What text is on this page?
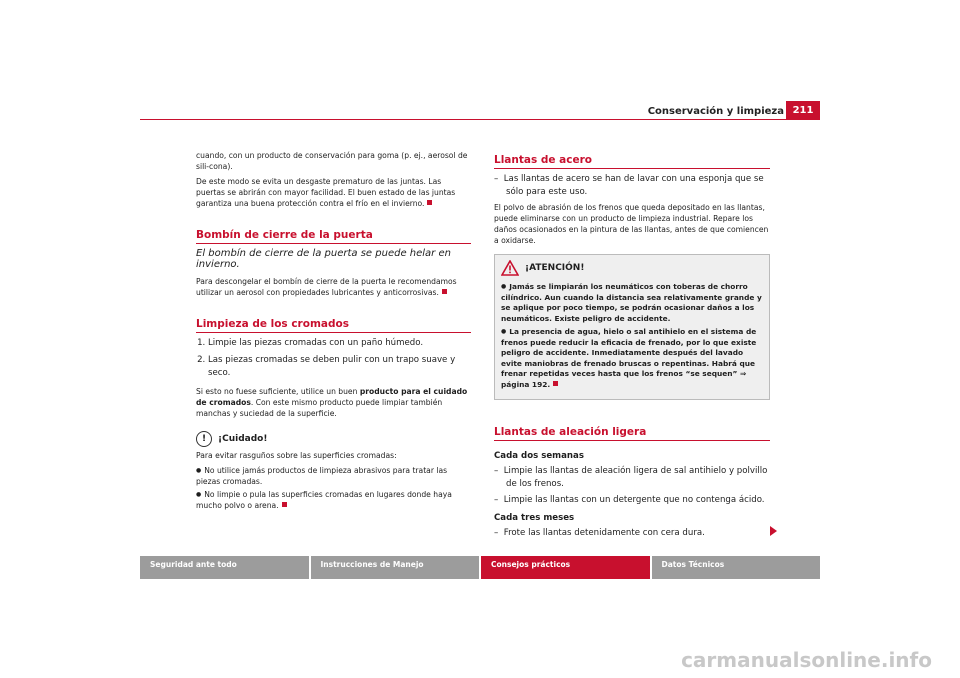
Conservación y limpieza 211

cuando, con un producto de conservación para goma (p. ej., aerosol de sili-cona).

De este modo se evita un desgaste prematuro de las juntas. Las puertas se abrirán con mayor facilidad. El buen estado de las juntas garantiza una buena protección contra el frío en el invierno.

Bombín de cierre de la puerta
El bombín de cierre de la puerta se puede helar en invierno.

Para descongelar el bombín de cierre de la puerta le recomendamos utilizar un aerosol con propiedades lubricantes y anticorrosivas.

Limpieza de los cromados
1. Limpie las piezas cromadas con un paño húmedo.
2. Las piezas cromadas se deben pulir con un trapo suave y seco.

Si esto no fuese suficiente, utilice un buen producto para el cuidado de cromados. Con este mismo producto puede limpiar también manchas y suciedad de la superficie.

!	¡Cuidado!

Para evitar rasguños sobre las superficies cromadas:

● No utilice jamás productos de limpieza abrasivos para tratar las piezas cromadas.
● No limpie o pula las superficies cromadas en lugares donde haya mucho polvo o arena.
Llantas de acero
–  Las llantas de acero se han de lavar con una esponja que se sólo para este uso.

El polvo de abrasión de los frenos que queda depositado en las llantas, puede eliminarse con un producto de limpieza industrial. Repare los daños ocasionados en la pintura de las llantas, antes de que comiencen a oxidarse.

¡ATENCIÓN!
● Jamás se limpiarán los neumáticos con toberas de chorro cilíndrico. Aun cuando la distancia sea relativamente grande y se aplique por poco tiempo, se podrán ocasionar daños a los neumáticos. Existe peligro de accidente.
● La presencia de agua, hielo o sal antihielo en el sistema de frenos puede reducir la eficacia de frenado, por lo que existe peligro de accidente. Inmediatamente después del lavado evite maniobras de frenado bruscas o repentinas. Habrá que frenar repetidas veces hasta que los frenos “se sequen” ⇒ página 192.
Llantas de aleación ligera
Cada dos semanas
–  Limpie las llantas de aleación ligera de sal antihielo y polvillo de los frenos.
–  Limpie las llantas con un detergente que no contenga ácido.
Cada tres meses
–  Frote las llantas detenidamente con cera dura.
Seguridad ante todo	Instrucciones de Manejo	Consejos prácticos	Datos Técnicos
carmanualsonline.info
